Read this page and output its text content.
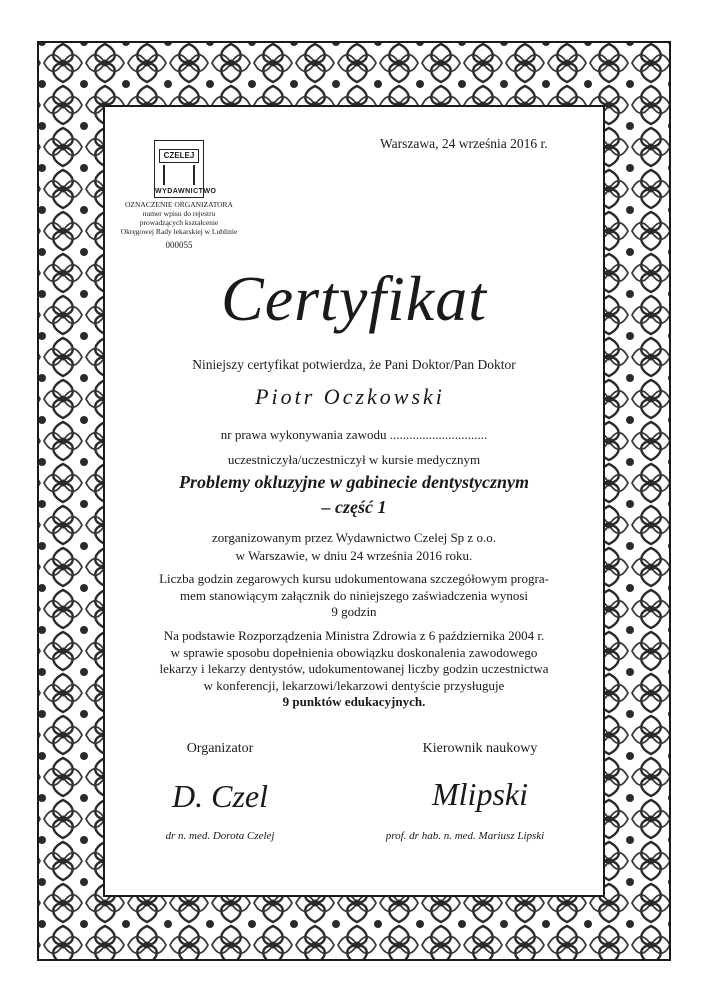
Warszawa, 24 września 2016 r.
CZELEJ
WYDAWNICTWO
OZNACZENIE ORGANIZATORA
numer wpisu do rejestru
prowadzących kształcenie
Okręgowej Rady lekarskiej w Lublinie
000055
Certyfikat
Niniejszy certyfikat potwierdza, że Pani Doktor/Pan Doktor
Piotr Oczkowski
nr prawa wykonywania zawodu ..............................
uczestniczyła/uczestniczył w kursie medycznym
Problemy okluzyjne w gabinecie dentystycznym
– część 1
zorganizowanym przez Wydawnictwo Czelej Sp z o.o.
w Warszawie, w dniu 24 września 2016 roku.
Liczba godzin zegarowych kursu udokumentowana szczegółowym progra-
mem stanowiącym załącznik do niniejszego zaświadczenia wynosi
9 godzin
Na podstawie Rozporządzenia Ministra Zdrowia z 6 października 2004 r.
w sprawie sposobu dopełnienia obowiązku doskonalenia zawodowego
lekarzy i lekarzy dentystów, udokumentowanej liczby godzin uczestnictwa
w konferencji, lekarzowi/lekarzowi dentyście przysługuje
9 punktów edukacyjnych.
Organizator	Kierownik naukowy
D. Czel	Mlipski
dr n. med. Dorota Czelej	prof. dr hab. n. med. Mariusz Lipski
